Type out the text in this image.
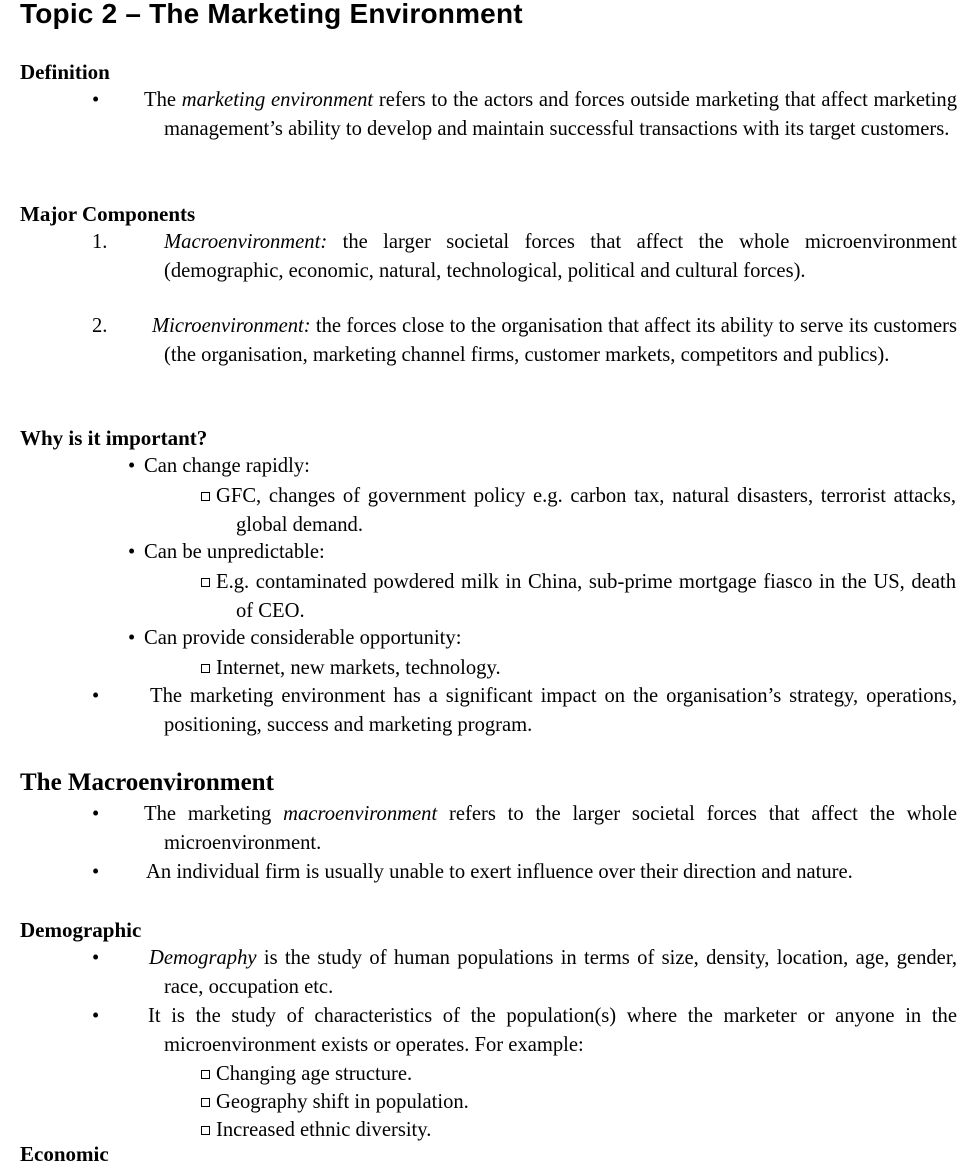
Topic 2 – The Marketing Environment
Definition

• The marketing environment refers to the actors and forces outside marketing that affect marketing management’s ability to develop and maintain successful transactions with its target customers.

Major Components

1.	Macroenvironment: the larger societal forces that affect the whole microenvironment (demographic, economic, natural, technological, political and cultural forces).

2. Microenvironment: the forces close to the organisation that affect its ability to serve its customers (the organisation, marketing channel firms, customer markets, competitors and publics).

Why is it important?

• Can change rapidly:

GFC, changes of government policy e.g. carbon tax, natural disasters, terrorist attacks, global demand.

• Can be unpredictable:

E.g. contaminated powdered milk in China, sub-prime mortgage fiasco in the US, death of CEO.

• Can provide considerable opportunity:

Internet, new markets, technology.

• The marketing environment has a significant impact on the organisation’s strategy, operations, positioning, success and marketing program.

The Macroenvironment

• The marketing macroenvironment refers to the larger societal forces that affect the whole microenvironment.

• An individual firm is usually unable to exert influence over their direction and nature.

Demographic

• Demography is the study of human populations in terms of size, density, location, age, gender, race, occupation etc.

• It is the study of characteristics of the population(s) where the marketer or anyone in the microenvironment exists or operates. For example:

Changing age structure.

Geography shift in population.

Increased ethnic diversity.

Economic
